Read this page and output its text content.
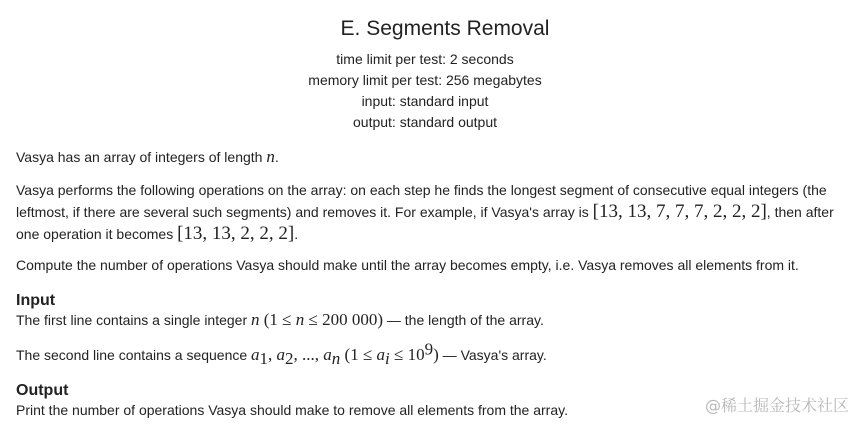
E. Segments Removal
time limit per test: 2 seconds
memory limit per test: 256 megabytes
input: standard input
output: standard output
Vasya has an array of integers of length n.
Vasya performs the following operations on the array: on each step he finds the longest segment of consecutive equal integers (the leftmost, if there are several such segments) and removes it. For example, if Vasya's array is [13, 13, 7, 7, 7, 2, 2, 2], then after one operation it becomes [13, 13, 2, 2, 2].
Compute the number of operations Vasya should make until the array becomes empty, i.e. Vasya removes all elements from it.
Input
The first line contains a single integer n (1 ≤ n ≤ 200 000) — the length of the array.
The second line contains a sequence $a_1$, $a_2$, ..., $a_n$ $(1 \le a_i \le 10^9)$ — Vasya's array.
Output
Print the number of operations Vasya should make to remove all elements from the array.	@稀土掘金技术社区
